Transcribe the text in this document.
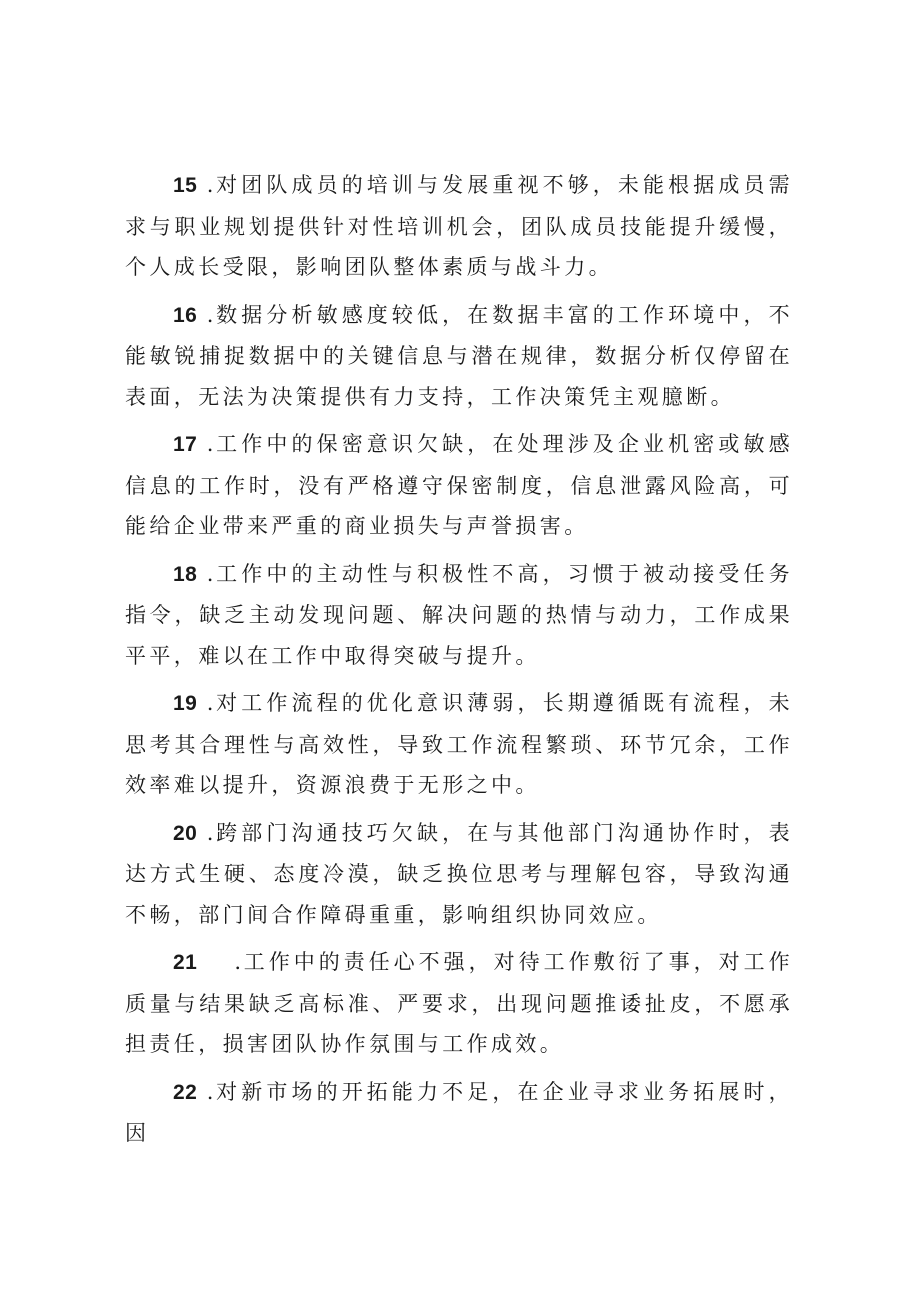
15 .对团队成员的培训与发展重视不够，未能根据成员需求与职业规划提供针对性培训机会，团队成员技能提升缓慢，个人成长受限，影响团队整体素质与战斗力。

16 .数据分析敏感度较低，在数据丰富的工作环境中，不能敏锐捕捉数据中的关键信息与潜在规律，数据分析仅停留在表面，无法为决策提供有力支持，工作决策凭主观臆断。

17 .工作中的保密意识欠缺，在处理涉及企业机密或敏感信息的工作时，没有严格遵守保密制度，信息泄露风险高，可能给企业带来严重的商业损失与声誉损害。

18 .工作中的主动性与积极性不高，习惯于被动接受任务指令，缺乏主动发现问题、解决问题的热情与动力，工作成果平平，难以在工作中取得突破与提升。

19 .对工作流程的优化意识薄弱，长期遵循既有流程，未思考其合理性与高效性，导致工作流程繁琐、环节冗余，工作效率难以提升，资源浪费于无形之中。

20 .跨部门沟通技巧欠缺，在与其他部门沟通协作时，表达方式生硬、态度冷漠，缺乏换位思考与理解包容，导致沟通不畅，部门间合作障碍重重，影响组织协同效应。

21    .工作中的责任心不强，对待工作敷衍了事，对工作质量与结果缺乏高标准、严要求，出现问题推诿扯皮，不愿承担责任，损害团队协作氛围与工作成效。

22 .对新市场的开拓能力不足，在企业寻求业务拓展时，因
